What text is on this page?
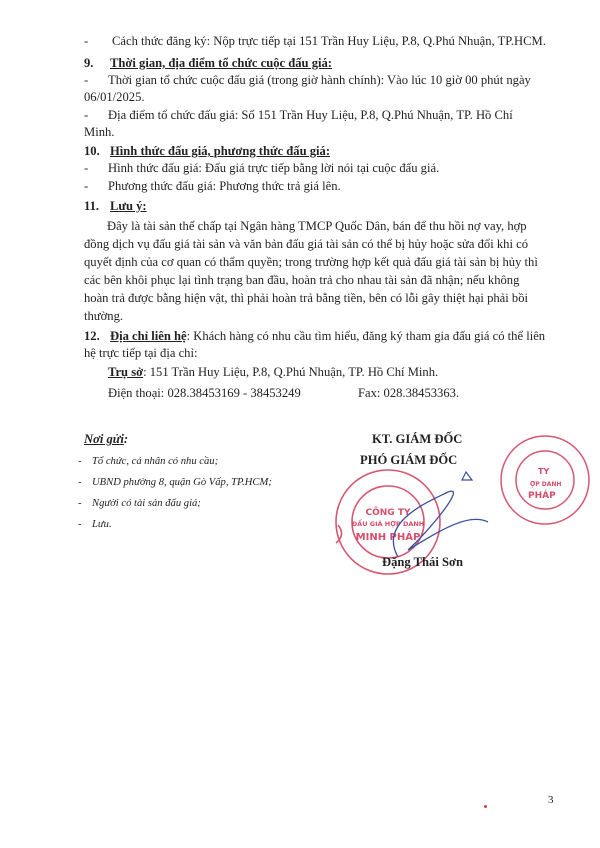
- Cách thức đăng ký: Nộp trực tiếp tại 151 Trần Huy Liệu, P.8, Q.Phú Nhuận, TP.HCM.
9. Thời gian, địa điểm tổ chức cuộc đấu giá:
- Thời gian tổ chức cuộc đấu giá (trong giờ hành chính): Vào lúc 10 giờ 00 phút ngày
06/01/2025.
- Địa điểm tổ chức đấu giá: Số 151 Trần Huy Liệu, P.8, Q.Phú Nhuận, TP. Hồ Chí
Minh.
10. Hình thức đấu giá, phương thức đấu giá:
- Hình thức đấu giá: Đấu giá trực tiếp bằng lời nói tại cuộc đấu giá.
- Phương thức đấu giá: Phương thức trả giá lên.
11. Lưu ý:
Đây là tài sản thế chấp tại Ngân hàng TMCP Quốc Dân, bán để thu hồi nợ vay, hợp
đồng dịch vụ đấu giá tài sản và văn bản đấu giá tài sản có thể bị hủy hoặc sửa đổi khi có
quyết định của cơ quan có thẩm quyền; trong trường hợp kết quả đấu giá tài sản bị hủy thì
các bên khôi phục lại tình trạng ban đầu, hoàn trả cho nhau tài sản đã nhận; nếu không
hoàn trả được bằng hiện vật, thì phải hoàn trả bằng tiền, bên có lỗi gây thiệt hại phải bồi
thường.
12. Địa chỉ liên hệ: Khách hàng có nhu cầu tìm hiểu, đăng ký tham gia đấu giá có thể liên
hệ trực tiếp tại địa chỉ:
Trụ sở: 151 Trần Huy Liệu, P.8, Q.Phú Nhuận, TP. Hồ Chí Minh.
Điện thoại: 028.38453169 - 38453249	Fax: 028.38453363.
Nơi gửi:
- Tổ chức, cá nhân có nhu cầu;
- UBND phường 8, quận Gò Vấp, TP.HCM;
- Người có tài sản đấu giá;
- Lưu.
KT. GIÁM ĐỐC
PHÓ GIÁM ĐỐC
CÔNG TY
ĐẤU GIÁ HỢP DANH
MINH PHÁP
TY
ỢP DANH
PHÁP
Đặng Thái Sơn
3
